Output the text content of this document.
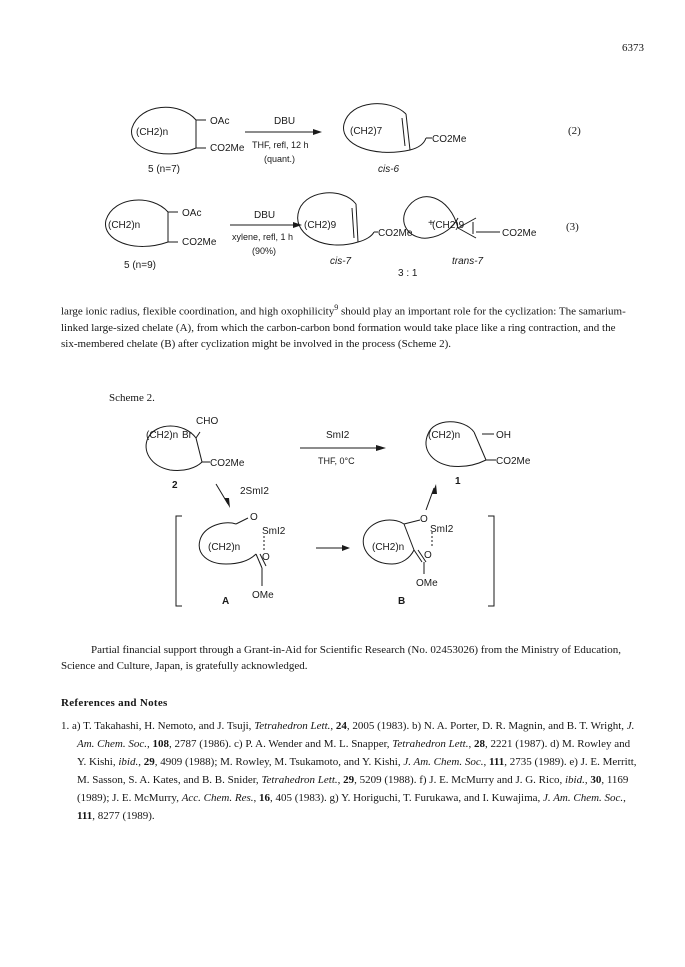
6373
(CH2)n
OAc
CO2Me
DBU
THF, refl, 12 h
(quant.)
(CH2)7
CO2Me
5 (n=7)	cis-6
(2)
(CH2)n
OAc
CO2Me
DBU
xylene, refl, 1 h
(90%)
(CH2)9
CO2Me
+
(CH2)9
CO2Me
5 (n=9)	cis-7	trans-7
3 : 1
(3)

large ionic radius, flexible coordination, and high oxophilicity$^9$ should play an important role for the cyclization: The samarium-linked large-sized chelate (A), from which the carbon-carbon bond formation would take place like a ring contraction, and the six-membered chelate (B) after cyclization might be involved in the process (Scheme 2).

Scheme 2.
CHO
(CH2)n Br
CO2Me
2
SmI2
THF, 0°C
(CH2)n	OH
CO2Me
1
2SmI2
(CH2)n
O
SmI2
O
OMe
A
(CH2)n
O
SmI2
O
OMe
B

Partial financial support through a Grant-in-Aid for Scientific Research (No. 02453026) from the Ministry of Education, Science and Culture, Japan, is gratefully acknowledged.

References and Notes

1. a) T. Takahashi, H. Nemoto, and J. Tsuji, Tetrahedron Lett., 24, 2005 (1983). b) N. A. Porter, D. R. Magnin, and B. T. Wright, J. Am. Chem. Soc., 108, 2787 (1986). c) P. A. Wender and M. L. Snapper, Tetrahedron Lett., 28, 2221 (1987). d) M. Rowley and Y. Kishi, ibid., 29, 4909 (1988); M. Rowley, M. Tsukamoto, and Y. Kishi, J. Am. Chem. Soc., 111, 2735 (1989). e) J. E. Merritt, M. Sasson, S. A. Kates, and B. B. Snider, Tetrahedron Lett., 29, 5209 (1988). f) J. E. McMurry and J. G. Rico, ibid., 30, 1169 (1989); J. E. McMurry, Acc. Chem. Res., 16, 405 (1983). g) Y. Horiguchi, T. Furukawa, and I. Kuwajima, J. Am. Chem. Soc., 111, 8277 (1989).
